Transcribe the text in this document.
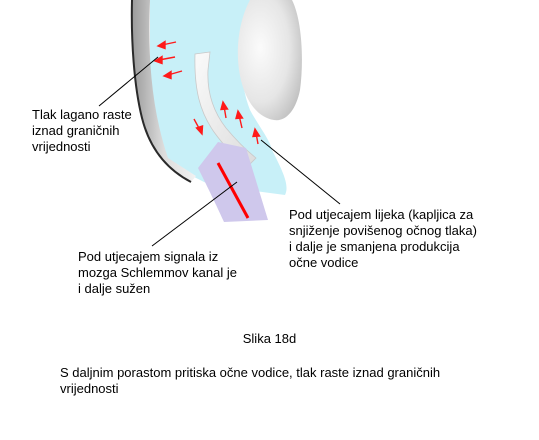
Tlak lagano raste
iznad graničnih
vrijednosti
Pod utjecajem lijeka (kapljica za
snjiženje povišenog očnog tlaka)
i dalje je smanjena produkcija
očne vodice
Pod utjecajem signala iz
mozga Schlemmov kanal je
i dalje sužen
Slika 18d
S daljnim porastom pritiska očne vodice, tlak raste iznad graničnih
vrijednosti
